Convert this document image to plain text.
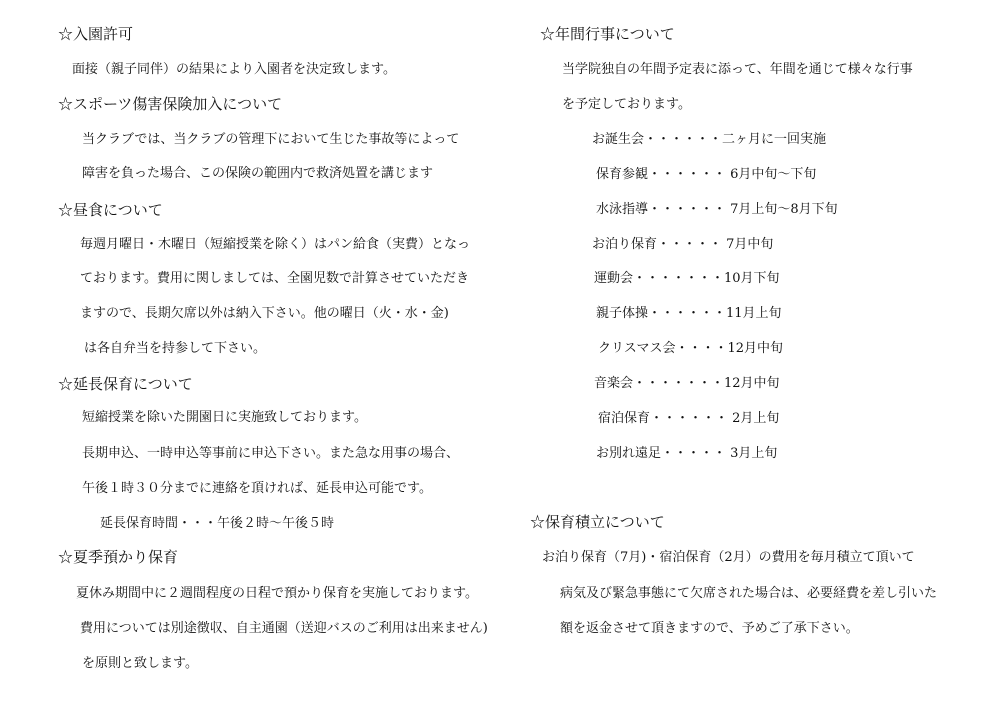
☆入園許可
面接（親子同伴）の結果により入園者を決定致します。
☆スポーツ傷害保険加入について
当クラブでは、当クラブの管理下において生じた事故等によって
障害を負った場合、この保険の範囲内で救済処置を講じます
☆昼食について
毎週月曜日・木曜日（短縮授業を除く）はパン給食（実費）となっ
ております。費用に関しましては、全園児数で計算させていただき
ますので、長期欠席以外は納入下さい。他の曜日（火・水・金)
は各自弁当を持参して下さい。
☆延長保育について
短縮授業を除いた開園日に実施致しております。
長期申込、一時申込等事前に申込下さい。また急な用事の場合、
午後１時３０分までに連絡を頂ければ、延長申込可能です。
延長保育時間・・・午後２時～午後５時
☆夏季預かり保育
夏休み期間中に２週間程度の日程で預かり保育を実施しております。
費用については別途徴収、自主通園（送迎バスのご利用は出来ません)
を原則と致します。
☆年間行事について
当学院独自の年間予定表に添って、年間を通じて様々な行事
を予定しております。
お誕生会・・・・・・二ヶ月に一回実施
保育参観・・・・・・ 6月中旬～下旬
水泳指導・・・・・・ 7月上旬～8月下旬
お泊り保育・・・・・ 7月中旬
運動会・・・・・・・10月下旬
親子体操・・・・・・11月上旬
クリスマス会・・・・12月中旬
音楽会・・・・・・・12月中旬
宿泊保育・・・・・・ 2月上旬
お別れ遠足・・・・・ 3月上旬
☆保育積立について
お泊り保育（7月)・宿泊保育（2月）の費用を毎月積立て頂いて
病気及び緊急事態にて欠席された場合は、必要経費を差し引いた
額を返金させて頂きますので、予めご了承下さい。
